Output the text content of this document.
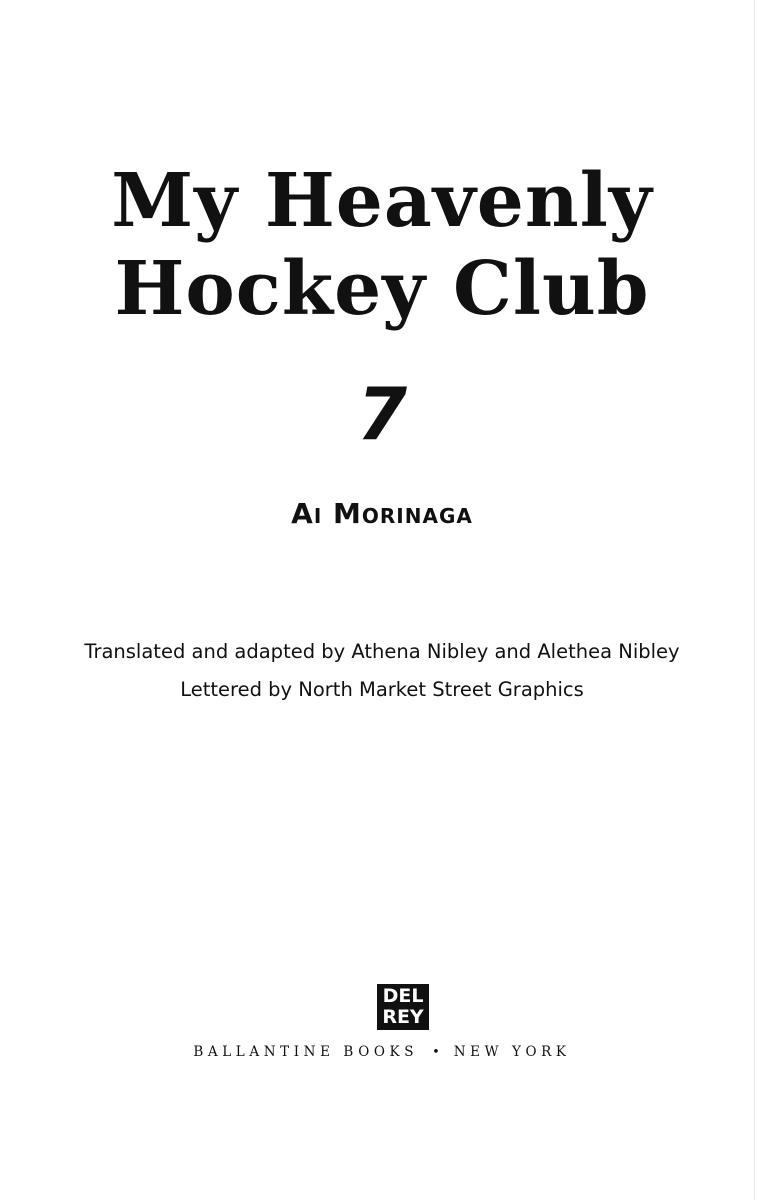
My Heavenly
Hockey Club
7
Ai Morinaga
Translated and adapted by Athena Nibley and Alethea Nibley
Lettered by North Market Street Graphics
DEL
REY
BALLANTINE BOOKS • NEW YORK
